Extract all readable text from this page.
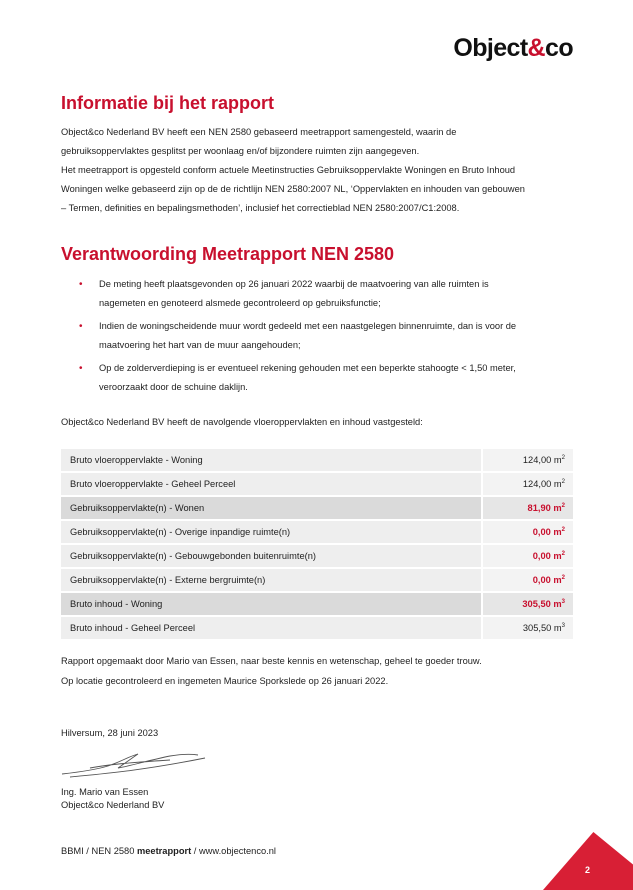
Object&co
Informatie bij het rapport

Object&co Nederland BV heeft een NEN 2580 gebaseerd meetrapport samengesteld, waarin de gebruiksoppervlaktes gesplitst per woonlaag en/of bijzondere ruimten zijn aangegeven.

Het meetrapport is opgesteld conform actuele Meetinstructies Gebruiksoppervlakte Woningen en Bruto Inhoud Woningen welke gebaseerd zijn op de de richtlijn NEN 2580:2007 NL, ‘Oppervlakten en inhouden van gebouwen – Termen, definities en bepalingsmethoden’, inclusief het correctieblad NEN 2580:2007/C1:2008.

Verantwoording Meetrapport NEN 2580

• De meting heeft plaatsgevonden op 26 januari 2022 waarbij de maatvoering van alle ruimten is nagemeten en genoteerd alsmede gecontroleerd op gebruiksfunctie;

• Indien de woningscheidende muur wordt gedeeld met een naastgelegen binnenruimte, dan is voor de maatvoering het hart van de muur aangehouden;

• Op de zolderverdieping is er eventueel rekening gehouden met een beperkte stahoogte < 1,50 meter, veroorzaakt door de schuine daklijn.

Object&co Nederland BV heeft de navolgende vloeroppervlakten en inhoud vastgesteld:

Bruto vloeroppervlakte - Woning	124,00 $m^2$
Bruto vloeroppervlakte - Geheel Perceel	124,00 $m^2$
Gebruiksoppervlakte(n) - Wonen	81,90 $m^2$
Gebruiksoppervlakte(n) - Overige inpandige ruimte(n)	0,00 $m^2$
Gebruiksoppervlakte(n) - Gebouwgebonden buitenruimte(n)	0,00 $m^2$
Gebruiksoppervlakte(n) - Externe bergruimte(n)	0,00 $m^2$
Bruto inhoud - Woning	305,50 $m^3$
Bruto inhoud - Geheel Perceel	305,50 $m^3$
Rapport opgemaakt door Mario van Essen, naar beste kennis en wetenschap, geheel te goeder trouw.
Op locatie gecontroleerd en ingemeten Maurice Sporkslede op 26 januari 2022.
Hilversum, 28 juni 2023
Ing. Mario van Essen
Object&co Nederland BV
BBMI / NEN 2580 meetrapport / www.objectenco.nl
2
